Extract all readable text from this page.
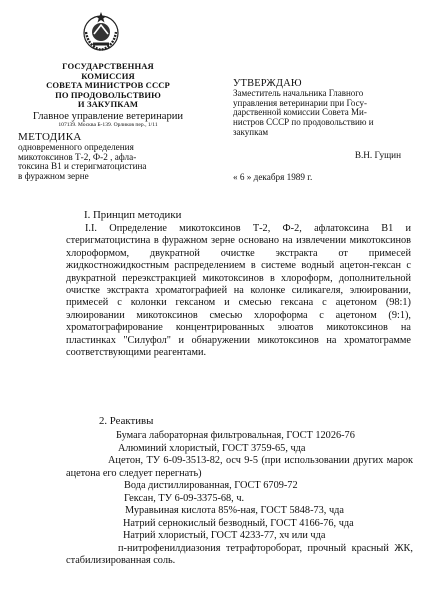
ГОСУДАРСТВЕННАЯ
КОМИССИЯ
СОВЕТА МИНИСТРОВ СССР
ПО ПРОДОВОЛЬСТВИЮ
И ЗАКУПКАМ
Главное управление ветеринарии
107139. Москва Б-139. Орликов пер., 1/11
МЕТОДИКА
одновременного определения
микотоксинов Т-2, Ф-2 , афла-
токсина В1 и стеригматоцистина
в фуражном зерне
УТВЕРЖДАЮ
Заместитель начальника Главного
управления ветеринарии при Госу-
дарственной комиссии Совета Ми-
нистров СССР по продовольствию и
закупкам
В.Н. Гущин
« 6 » декабря 1989 г.
I. Принцип методики

I.I. Определение микотоксинов Т-2, Ф-2, афлатоксина В1 и стеригматоцистина в фуражном зерне основано на извлечении микотоксинов хлороформом, двукратной очистке экстракта от примесей жидкостножидкостным распределением в системе водный ацетон-гексан с двукратной переэкстракцией микотоксинов в хлороформ, дополнительной очистке экстракта хроматографией на колонке силикагеля, элюировании, примесей с колонки гексаном и смесью гексана с ацетоном (98:1) элюировании микотоксинов смесью хлороформа с ацетоном (9:1), хроматографирование концентрированных элюатов микотоксинов на пластинках "Силуфол" и обнаружении микотоксинов на хроматограмме соответствующими реагентами.

2. Реактивы
Бумага лабораторная фильтровальная, ГОСТ 12026-76
Алюминий хлористый, ГОСТ 3759-65, чда
Ацетон, ТУ 6-09-3513-82, осч 9-5 (при использовании других марок ацетона его следует перегнать)
Вода дистиллированная, ГОСТ 6709-72
Гексан, ТУ 6-09-3375-68, ч.
Муравьиная кислота 85%-ная, ГОСТ 5848-73, чда
Натрий сернокислый безводный, ГОСТ 4166-76, чда
Натрий хлористый, ГОСТ 4233-77, хч или чда
п-нитрофенилдиазония тетрафтороборат, прочный красный ЖК, стабилизированная соль.
